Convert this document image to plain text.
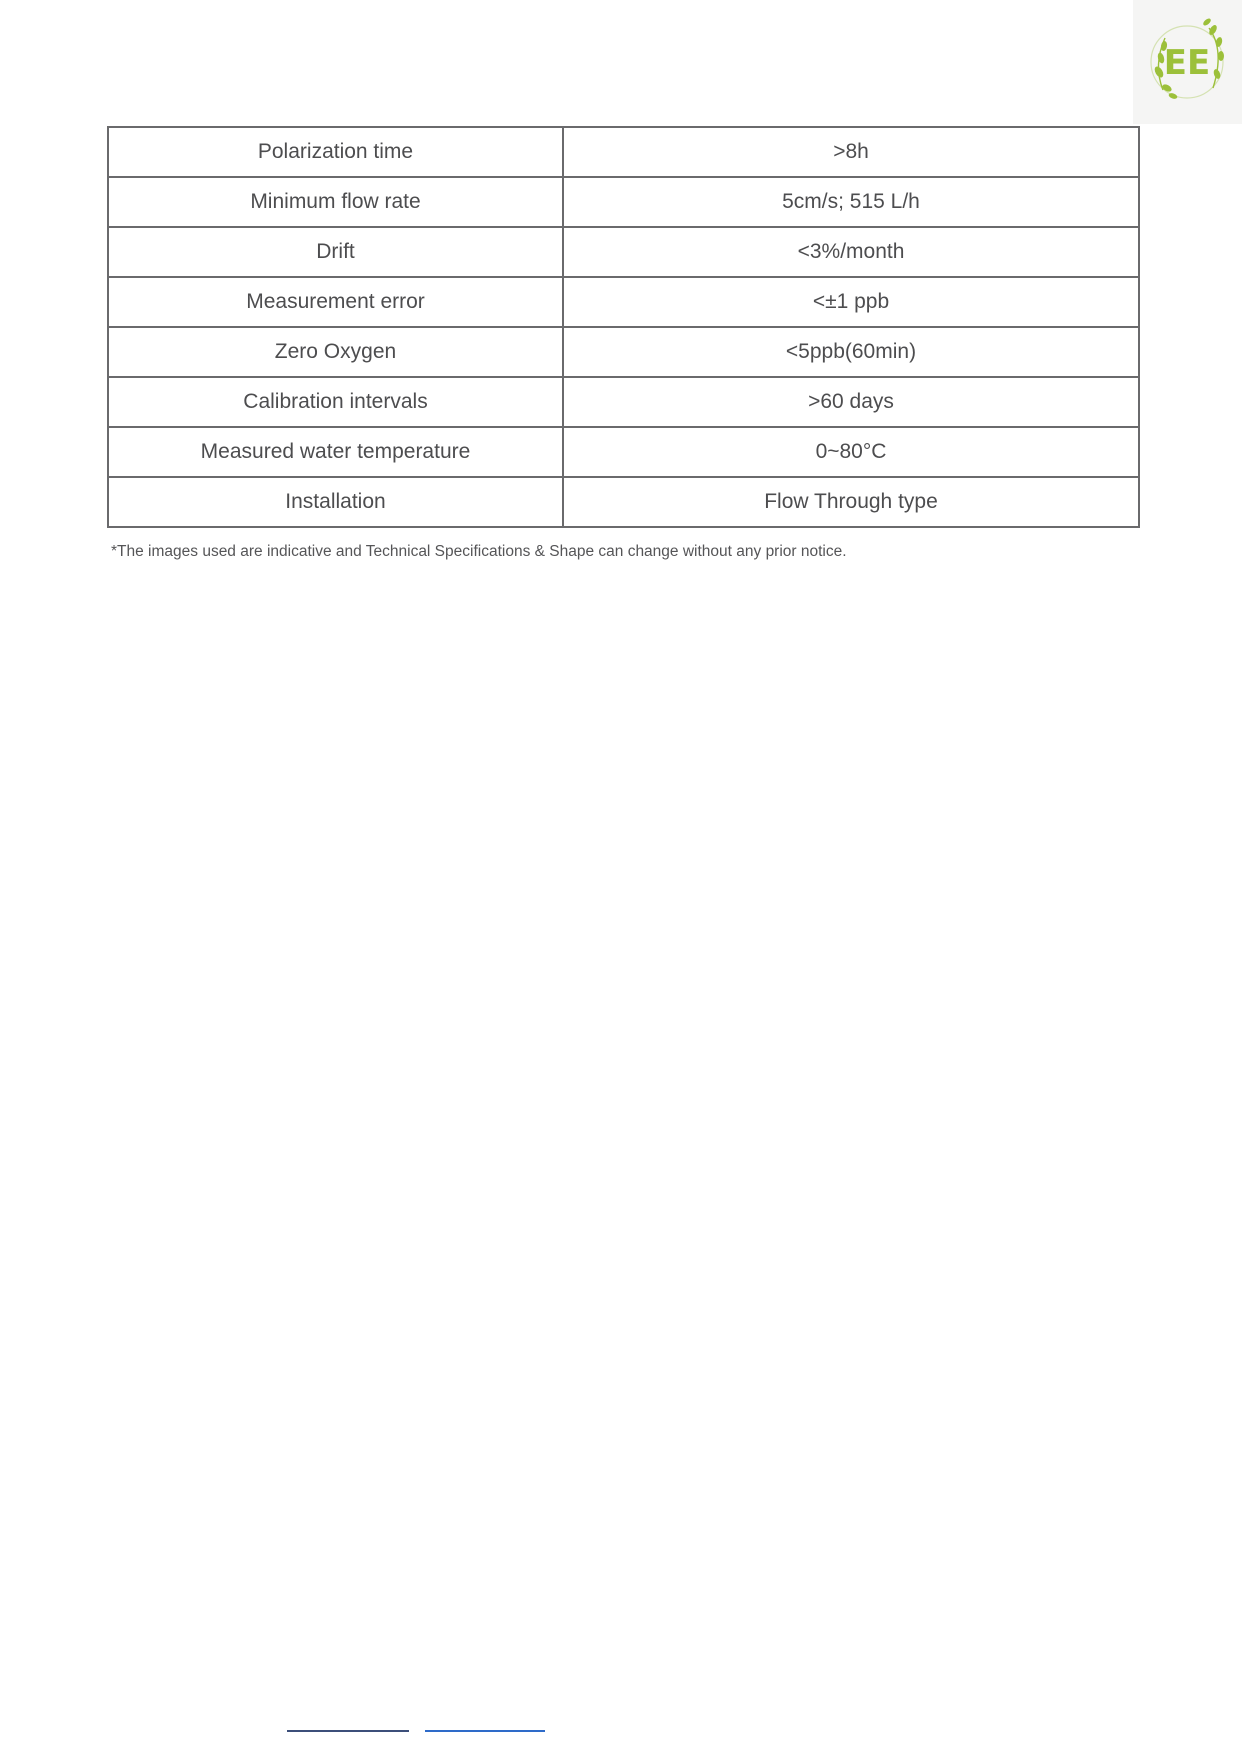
EE
Polarization time	>8h
Minimum flow rate	5cm/s; 515 L/h
Drift	<3%/month
Measurement error	<±1 ppb
Zero Oxygen	<5ppb(60min)
Calibration intervals	>60 days
Measured water temperature	0~80°C
Installation	Flow Through type
*The images used are indicative and Technical Specifications & Shape can change without any prior notice.
